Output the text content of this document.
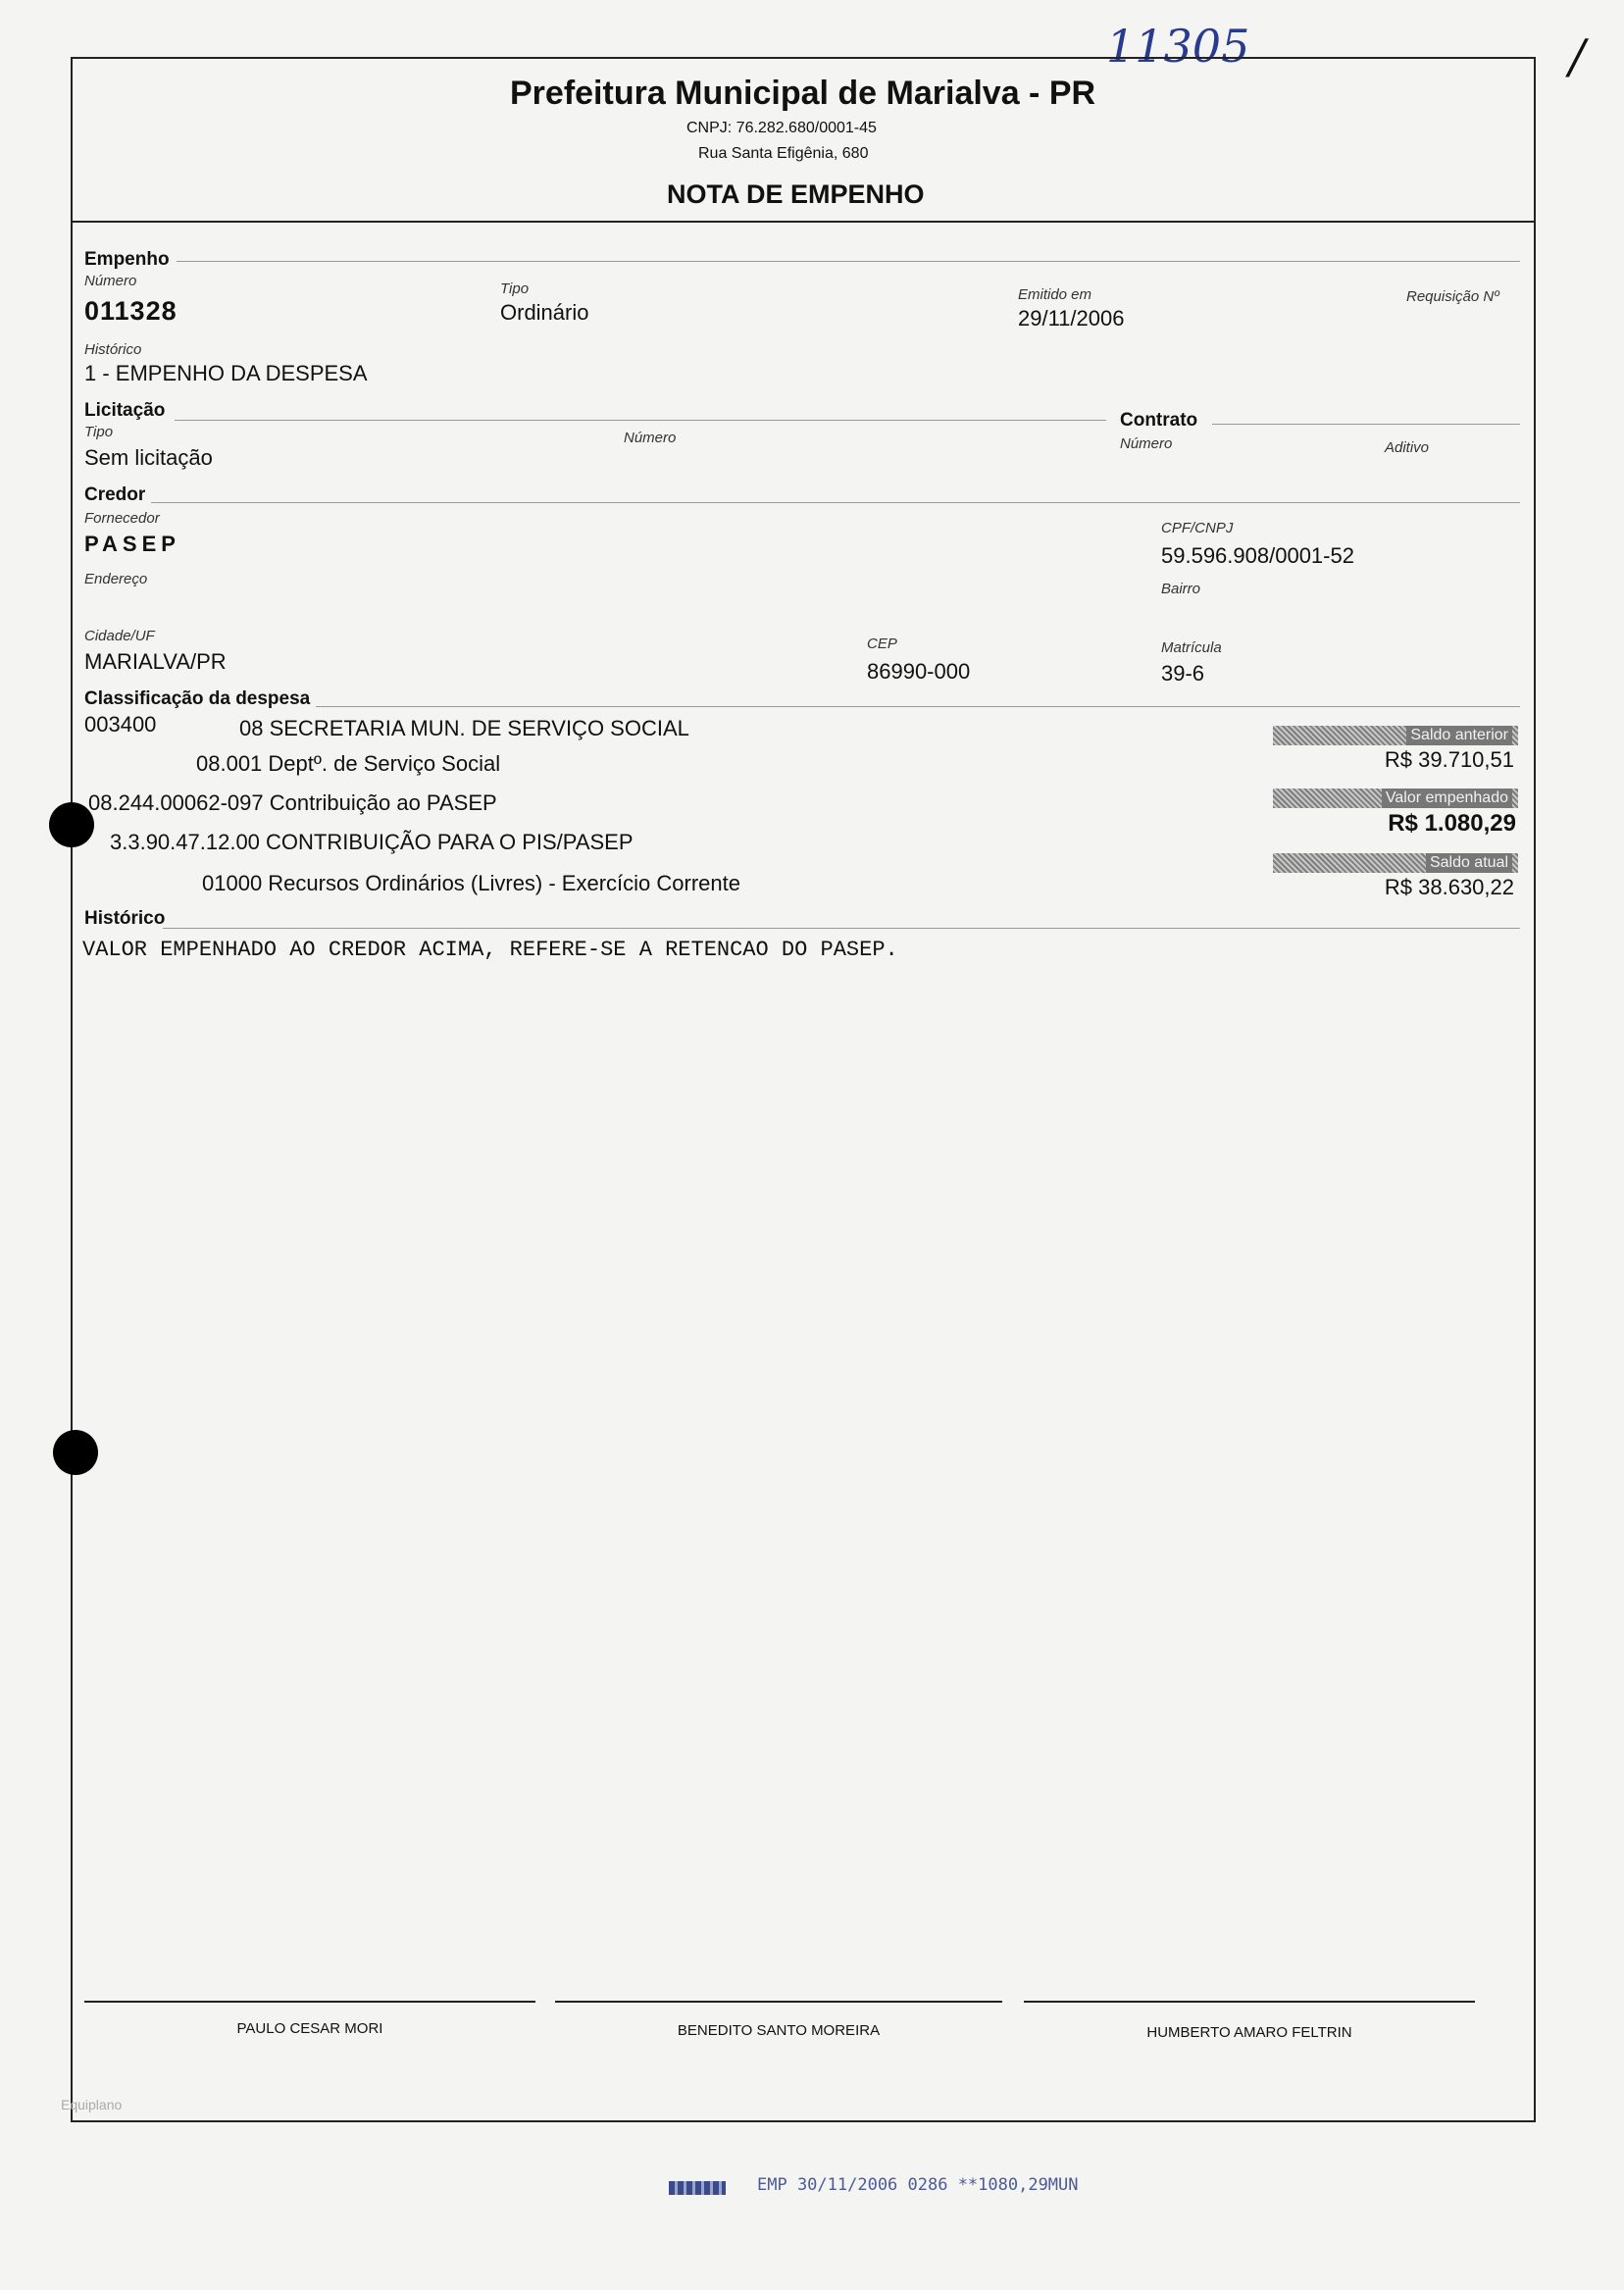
11305	/
Prefeitura Municipal de Marialva - PR
CNPJ: 76.282.680/0001-45
Rua Santa Efigênia, 680
NOTA DE EMPENHO
Empenho
Número
011328
Tipo
Ordinário
Emitido em
29/11/2006
Requisição Nº
Histórico
1 - EMPENHO DA DESPESA
Licitação
Tipo
Sem licitação
Número
Contrato
Número	Aditivo
Credor
Fornecedor
PASEP
CPF/CNPJ
59.596.908/0001-52
Endereço
Bairro
Cidade/UF
MARIALVA/PR
CEP
86990-000
Matrícula
39-6
Classificação da despesa
003400	08 SECRETARIA MUN. DE SERVIÇO SOCIAL
08.001 Deptº. de Serviço Social
08.244.00062-097 Contribuição ao PASEP
3.3.90.47.12.00 CONTRIBUIÇÃO PARA O PIS/PASEP
01000 Recursos Ordinários (Livres) - Exercício Corrente
Saldo anterior
R$ 39.710,51
Valor empenhado
R$ 1.080,29
Saldo atual
R$ 38.630,22
Histórico
VALOR EMPENHADO AO CREDOR ACIMA, REFERE-SE A RETENCAO DO PASEP.
PAULO CESAR MORI	BENEDITO SANTO MOREIRA	HUMBERTO AMARO FELTRIN
Equiplano
EMP 30/11/2006 0286 **1080,29MUN
